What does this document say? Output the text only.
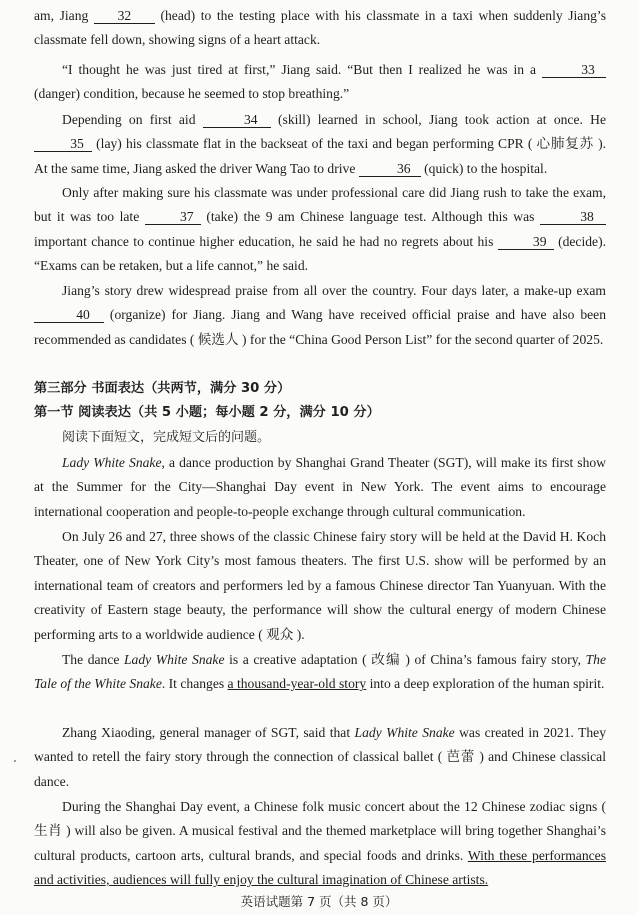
am, Jiang 32 (head) to the testing place with his classmate in a taxi when suddenly Jiang’s classmate fell down, showing signs of a heart attack.

“I thought he was just tired at first,” Jiang said. “But then I realized he was in a	33 (danger) condition, because he seemed to stop breathing.”

Depending on first aid	34 (skill) learned in school, Jiang took action at once. He 35 (lay) his classmate flat in the backseat of the taxi and began performing CPR ( 心肺复苏 ). At the same time, Jiang asked the driver Wang Tao to drive	36 (quick) to the hospital.

Only after making sure his classmate was under professional care did Jiang rush to take the exam, but it was too late	37 (take) the 9 am Chinese language test. Although this was	38 important chance to continue higher education, he said he had no regrets about his	39 (decide). “Exams can be retaken, but a life cannot,” he said.

Jiang’s story drew widespread praise from all over the country. Four days later, a make-up exam 40 (organize) for Jiang. Jiang and Wang have received official praise and have also been recommended as candidates ( 候选人 ) for the “China Good Person List” for the second quarter of 2025.

第三部分 书面表达（共两节，满分 30 分）
第一节 阅读表达（共 5 小题；每小题 2 分，满分 10 分）
阅读下面短文，完成短文后的问题。

Lady White Snake, a dance production by Shanghai Grand Theater (SGT), will make its first show at the Summer for the City—Shanghai Day event in New York. The event aims to encourage international cooperation and people-to-people exchange through cultural communication.

On July 26 and 27, three shows of the classic Chinese fairy story will be held at the David H. Koch Theater, one of New York City’s most famous theaters. The first U.S. show will be performed by an international team of creators and performers led by a famous Chinese director Tan Yuanyuan. With the creativity of Eastern stage beauty, the performance will show the cultural energy of modern Chinese performing arts to a worldwide audience ( 观众 ).

The dance Lady White Snake is a creative adaptation ( 改编 ) of China’s famous fairy story, The Tale of the White Snake. It changes a thousand-year-old story into a deep exploration of the human spirit.

Zhang Xiaoding, general manager of SGT, said that Lady White Snake was created in 2021. They wanted to retell the fairy story through the connection of classical ballet ( 芭蕾 ) and Chinese classical dance.

During the Shanghai Day event, a Chinese folk music concert about the 12 Chinese zodiac signs ( 生肖 ) will also be given. A musical festival and the themed marketplace will bring together Shanghai’s cultural products, cartoon arts, cultural brands, and special foods and drinks. With these performances and activities, audiences will fully enjoy the cultural imagination of Chinese artists.

英语试题第 7 页（共 8 页）
